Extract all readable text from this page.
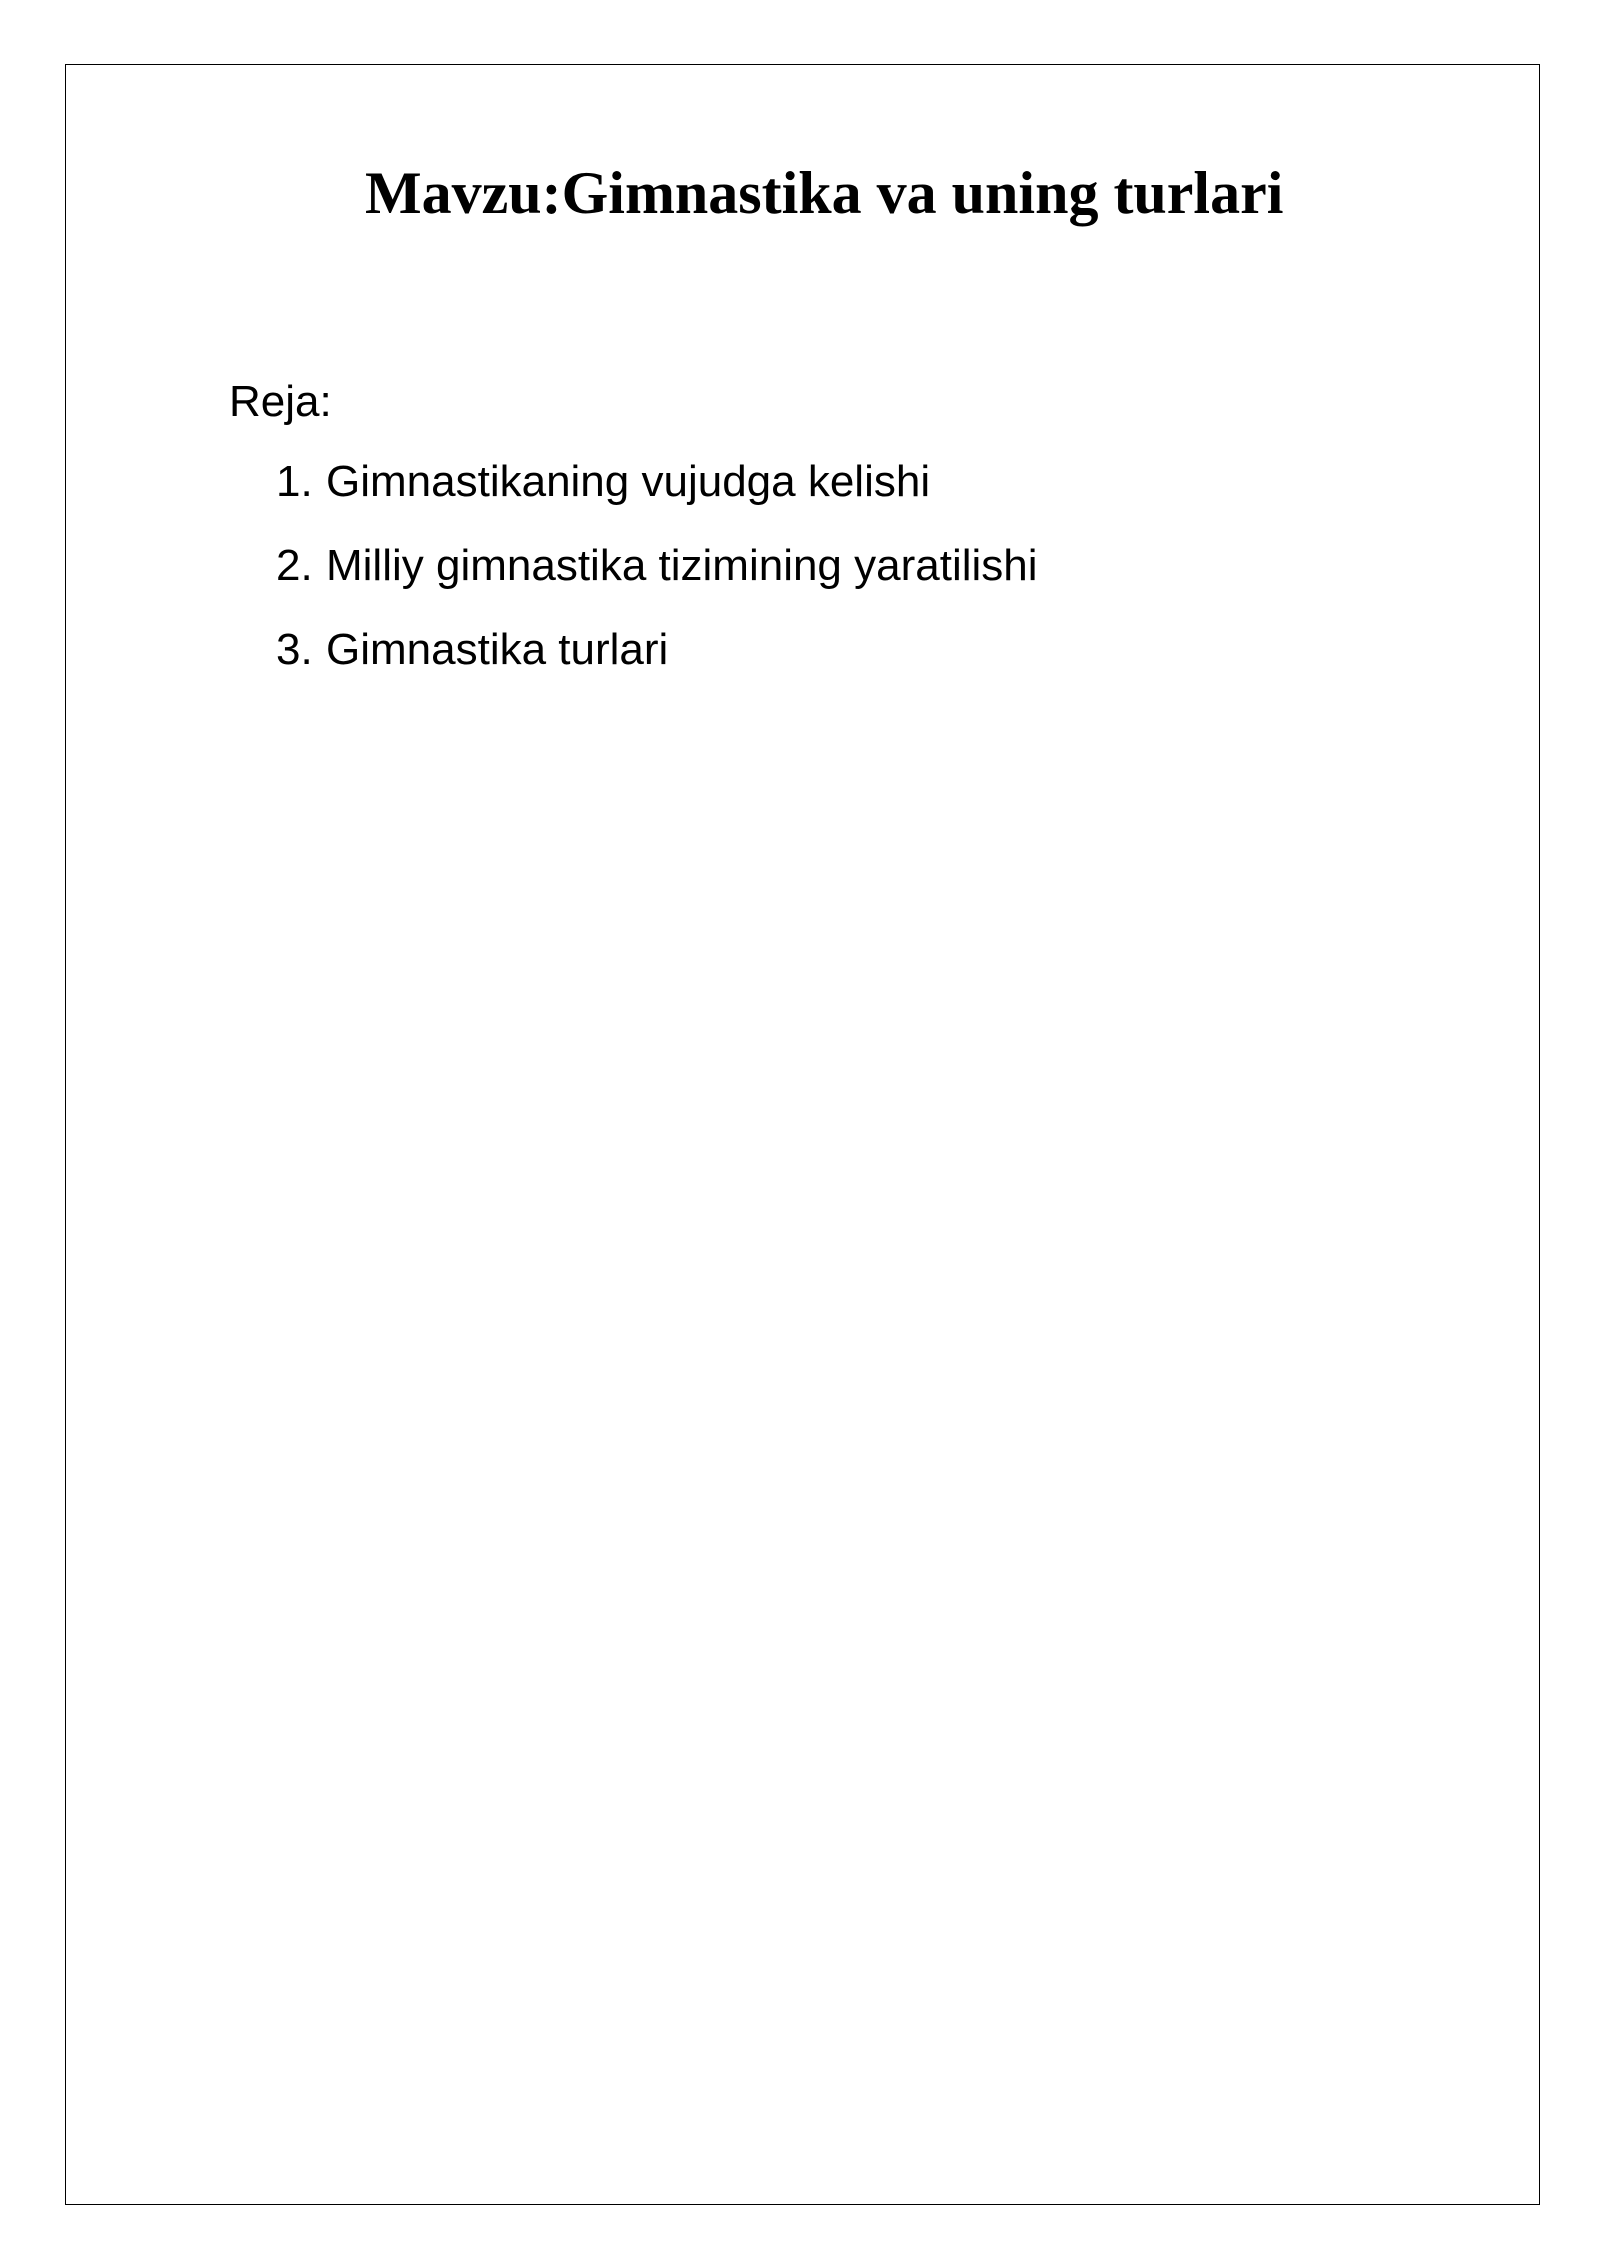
Mavzu:Gimnastika va uning turlari
Reja:
1. Gimnastikaning vujudga kelishi
2. Milliy gimnastika tizimining yaratilishi
3. Gimnastika turlari
